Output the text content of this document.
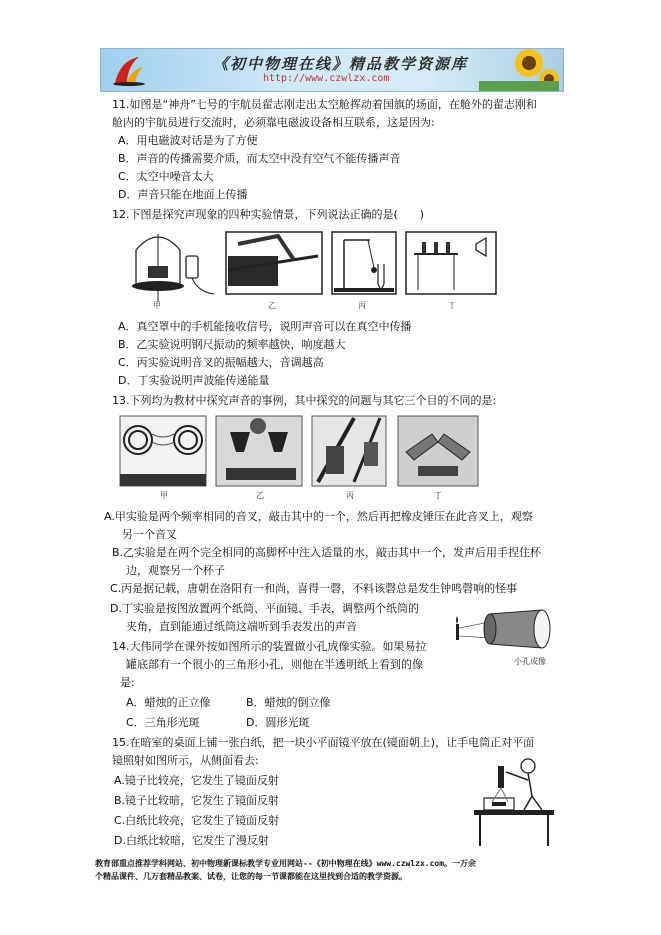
《初中物理在线》精品教学资源库
http://www.czwlzx.com
11.如图是“神舟”七号的宇航员翟志刚走出太空舱挥动着国旗的场面，在舱外的翟志刚和
舱内的宇航员进行交流时，必须靠电磁波设备相互联系，这是因为:
A．用电磁波对话是为了方便
B．声音的传播需要介质，而太空中没有空气不能传播声音
C．太空中噪音太大
D．声音只能在地面上传播
12.下图是探究声现象的四种实验情景，下列说法正确的是(　　)
甲	乙	丙	丁
A．真空罩中的手机能接收信号，说明声音可以在真空中传播
B．乙实验说明钢尺振动的频率越快，响度越大
C．丙实验说明音叉的振幅越大，音调越高
D．丁实验说明声波能传递能量
13.下列均为教材中探究声音的事例，其中探究的问题与其它三个目的不同的是:
甲	乙	丙	丁
A.甲实验是两个频率相同的音叉，敲击其中的一个，然后再把橡皮锤压在此音叉上，观察
另一个音叉
B.乙实验是在两个完全相同的高脚杯中注入适量的水，敲击其中一个，发声后用手捏住杯
边，观察另一个杯子
C.丙是据记载，唐朝在洛阳有一和尚，喜得一磬，不料该磬总是发生钟鸣磬响的怪事
D.丁实验是按图放置两个纸筒、平面镜、手表，调整两个纸筒的
夹角，直到能通过纸筒这端听到手表发出的声音
小孔成像
14.大伟同学在课外按如图所示的装置做小孔成像实验。如果易拉
罐底部有一个很小的三角形小孔，则他在半透明纸上看到的像
是:
A．蜡烛的正立像	B．蜡烛的倒立像
C．三角形光斑	D．圆形光斑
15.在暗室的桌面上铺一张白纸，把一块小平面镜平放在(镜面朝上)，让手电筒正对平面
镜照射如图所示，从侧面看去:
A.镜子比较亮，它发生了镜面反射
B.镜子比较暗，它发生了镜面反射
C.白纸比较亮，它发生了镜面反射
D.白纸比较暗，它发生了漫反射
教育部重点推荐学科网站、初中物理新课标教学专业用网站--《初中物理在线》www.czwlzx.com。一万余
个精品课件、几万套精品教案、试卷，让您的每一节课都能在这里找到合适的教学资源。
